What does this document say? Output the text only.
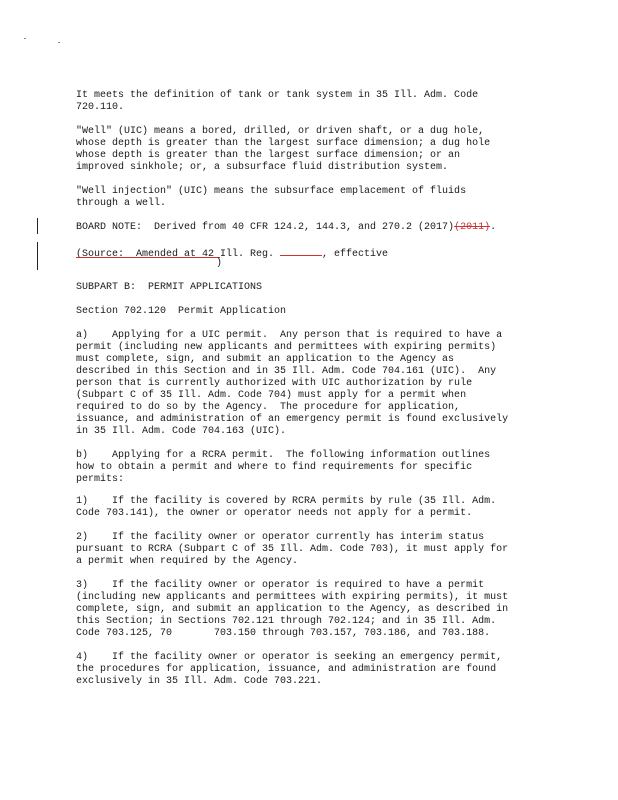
It meets the definition of tank or tank system in 35 Ill. Adm. Code
720.110.
"Well" (UIC) means a bored, drilled, or driven shaft, or a dug hole,
whose depth is greater than the largest surface dimension; a dug hole
whose depth is greater than the largest surface dimension; or an
improved sinkhole; or, a subsurface fluid distribution system.
"Well injection" (UIC) means the subsurface emplacement of fluids
through a well.
BOARD NOTE:  Derived from 40 CFR 124.2, 144.3, and 270.2 (2017)(2011).
(Source:  Amended at 42 Ill. Reg.	, effective
)
SUBPART B:  PERMIT APPLICATIONS
Section 702.120  Permit Application
a)    Applying for a UIC permit.  Any person that is required to have a
permit (including new applicants and permittees with expiring permits)
must complete, sign, and submit an application to the Agency as
described in this Section and in 35 Ill. Adm. Code 704.161 (UIC).  Any
person that is currently authorized with UIC authorization by rule
(Subpart C of 35 Ill. Adm. Code 704) must apply for a permit when
required to do so by the Agency.  The procedure for application,
issuance, and administration of an emergency permit is found exclusively
in 35 Ill. Adm. Code 704.163 (UIC).
b)    Applying for a RCRA permit.  The following information outlines
how to obtain a permit and where to find requirements for specific
permits:
1)    If the facility is covered by RCRA permits by rule (35 Ill. Adm.
Code 703.141), the owner or operator needs not apply for a permit.
2)    If the facility owner or operator currently has interim status
pursuant to RCRA (Subpart C of 35 Ill. Adm. Code 703), it must apply for
a permit when required by the Agency.
3)    If the facility owner or operator is required to have a permit
(including new applicants and permittees with expiring permits), it must
complete, sign, and submit an application to the Agency, as described in
this Section; in Sections 702.121 through 702.124; and in 35 Ill. Adm.
Code 703.125, 70       703.150 through 703.157, 703.186, and 703.188.
4)    If the facility owner or operator is seeking an emergency permit,
the procedures for application, issuance, and administration are found
exclusively in 35 Ill. Adm. Code 703.221.
